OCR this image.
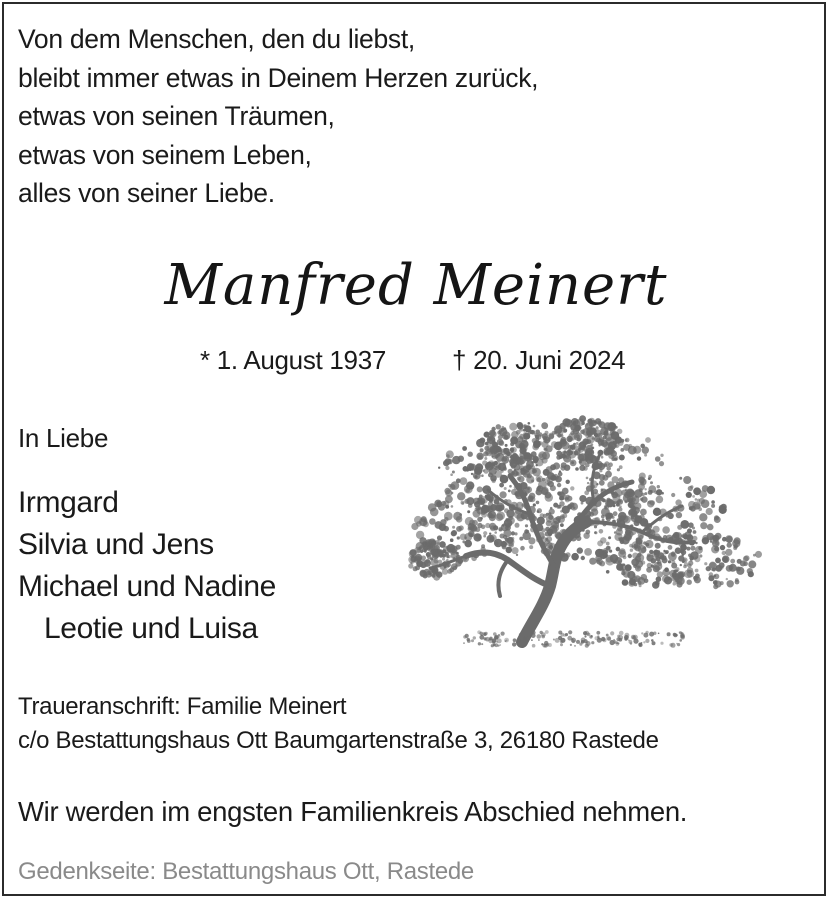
Von dem Menschen, den du liebst,
bleibt immer etwas in Deinem Herzen zurück,
etwas von seinen Träumen,
etwas von seinem Leben,
alles von seiner Liebe.

Manfred Meinert
* 1. August 1937	† 20. Juni 2024
In Liebe
Irmgard
Silvia und Jens
Michael und Nadine
Leotie und Luisa
Traueranschrift: Familie Meinert
c/o Bestattungshaus Ott Baumgartenstraße 3, 26180 Rastede
Wir werden im engsten Familienkreis Abschied nehmen.
Gedenkseite: Bestattungshaus Ott, Rastede
